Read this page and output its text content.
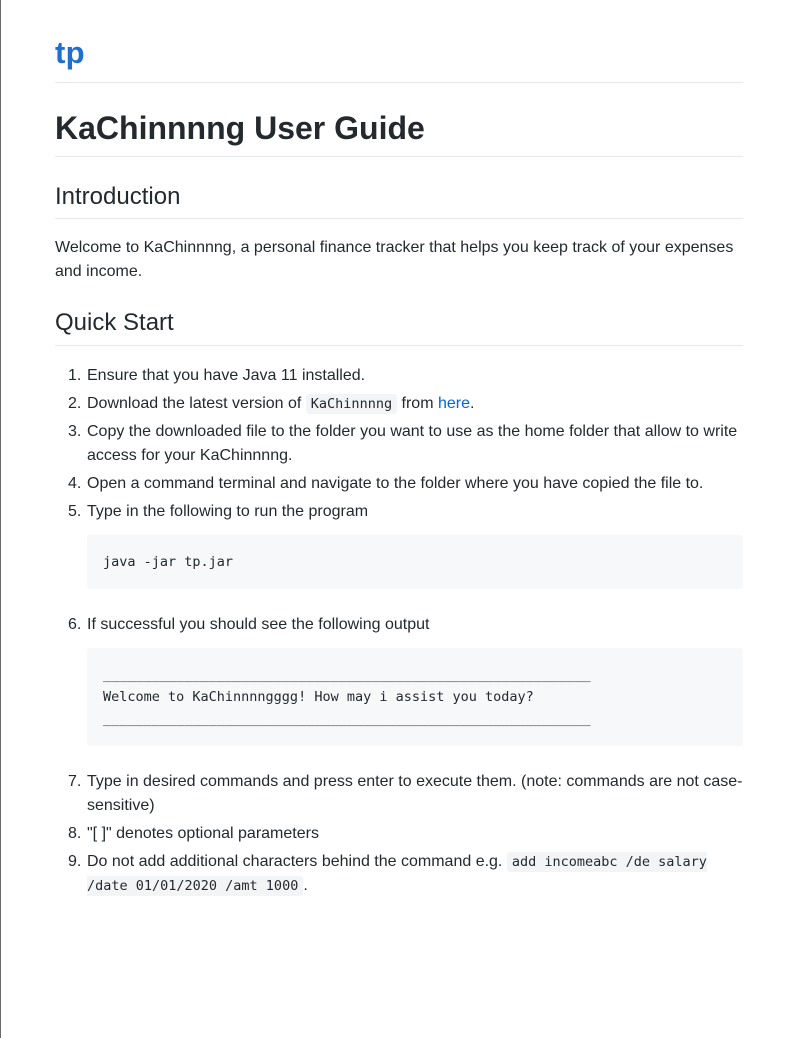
tp
KaChinnnng User Guide
Introduction

Welcome to KaChinnnng, a personal finance tracker that helps you keep track of your expenses and income.

Quick Start
1. Ensure that you have Java 11 installed.
2. Download the latest version of KaChinnnng from here.
3. Copy the downloaded file to the folder you want to use as the home folder that allow to write access for your KaChinnnng.
4. Open a command terminal and navigate to the folder where you have copied the file to.
5. Type in the following to run the program
java -jar tp.jar
6. If successful you should see the following output
____________________________________________________________
Welcome to KaChinnnngggg! How may i assist you today?
____________________________________________________________
7. Type in desired commands and press enter to execute them. (note: commands are not case-sensitive)
8. "[ ]" denotes optional parameters
9. Do not add additional characters behind the command e.g. add incomeabc /de salary /date 01/01/2020 /amt 1000 .
